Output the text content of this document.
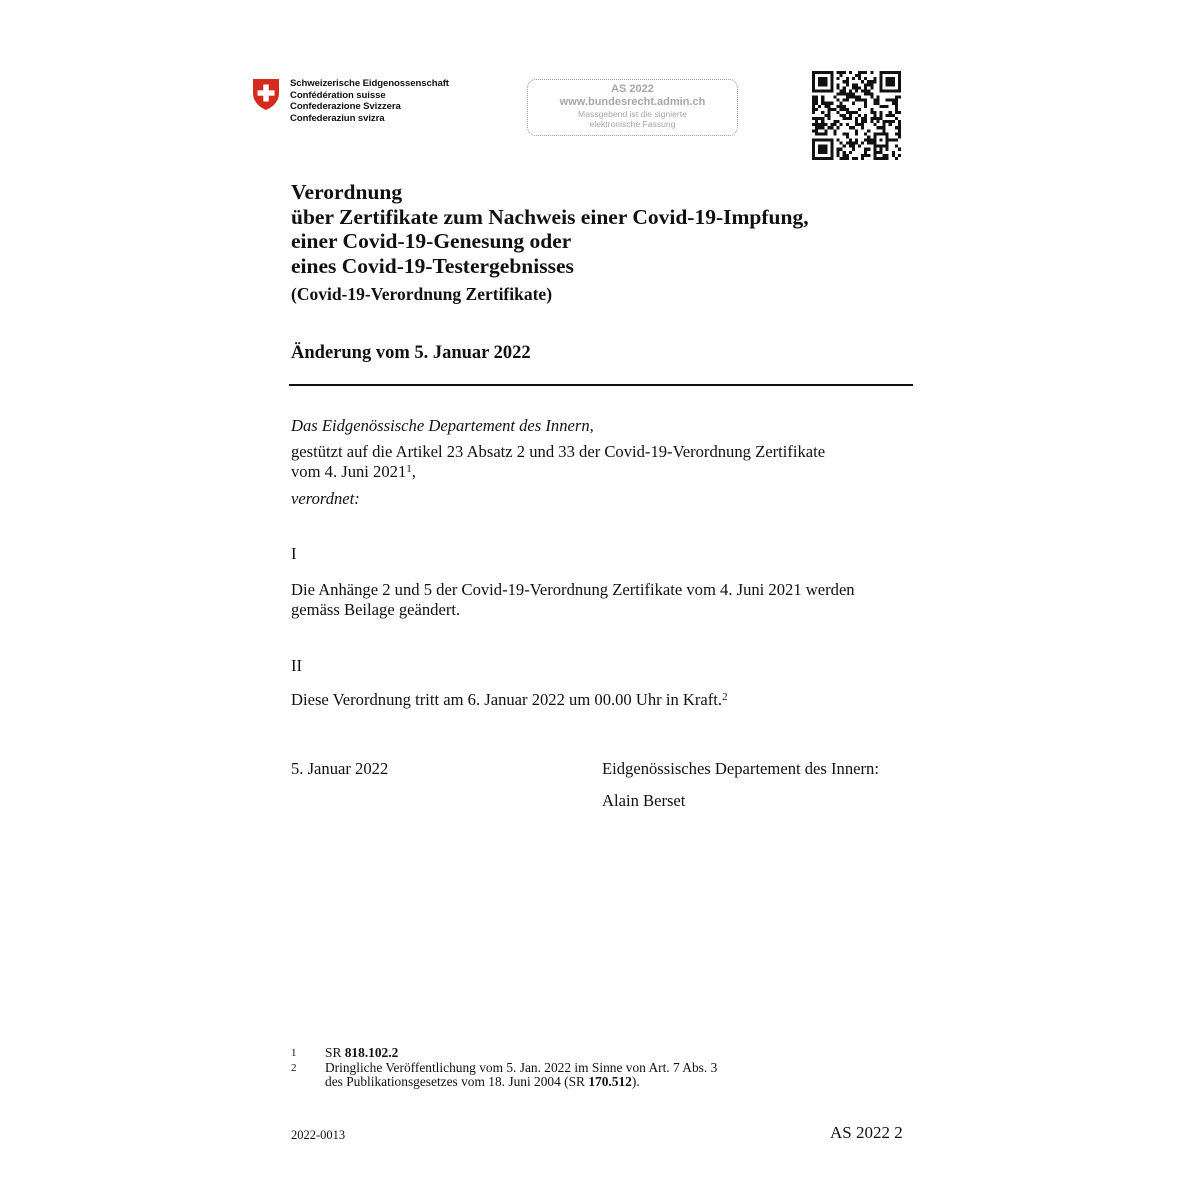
Schweizerische Eidgenossenschaft
Confédération suisse
Confederazione Svizzera
Confederaziun svizra
AS 2022
www.bundesrecht.admin.ch
Massgebend ist die signierte
elektronische Fassung
Verordnung
über Zertifikate zum Nachweis einer Covid-19-Impfung,
einer Covid-19-Genesung oder
eines Covid-19-Testergebnisses
(Covid-19-Verordnung Zertifikate)
Änderung vom 5. Januar 2022
Das Eidgenössische Departement des Innern,
gestützt auf die Artikel 23 Absatz 2 und 33 der Covid-19-Verordnung Zertifikate
vom 4. Juni 2021$^1$,
verordnet:
I
Die Anhänge 2 und 5 der Covid-19-Verordnung Zertifikate vom 4. Juni 2021 werden
gemäss Beilage geändert.
II
Diese Verordnung tritt am 6. Januar 2022 um 00.00 Uhr in Kraft.$^2$
5. Januar 2022	Eidgenössisches Departement des Innern:
Alain Berset
1	SR 818.102.2
2	Dringliche Veröffentlichung vom 5. Jan. 2022 im Sinne von Art. 7 Abs. 3
des Publikationsgesetzes vom 18. Juni 2004 (SR 170.512).
2022-0013	AS 2022 2
